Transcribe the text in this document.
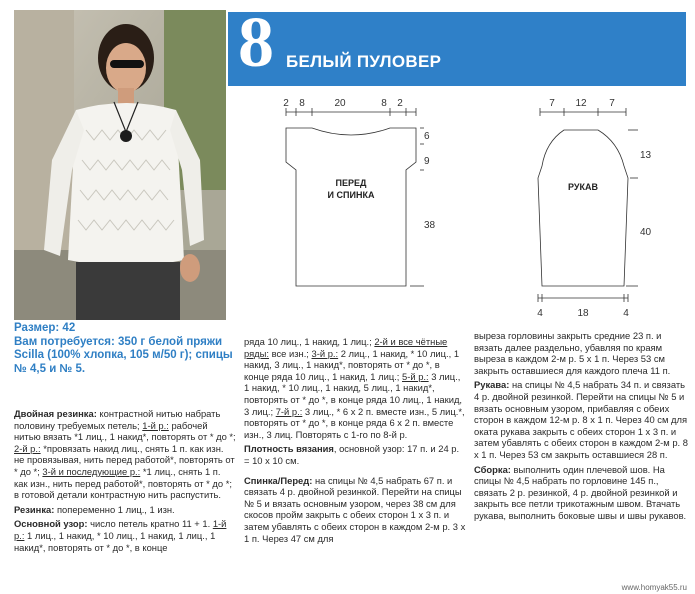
8 БЕЛЫЙ ПУЛОВЕР
2 8	20	8 2
6
9
38
ПЕРЕД
И СПИНКА
7 12 7
13
40
4	18	4
РУКАВ

Размер: 42

Вам потребуется: 350 г белой пряжи Scilla (100% хлопка, 105 м/50 г); спицы № 4,5 и № 5.

Двойная резинка: контрастной нитью набрать половину требуемых петель; 1-й р.: рабочей нитью вязать *1 лиц., 1 накид*, повторять от * до *; 2-й р.: *провязать накид лиц., снять 1 п. как изн. не провязывая, нить перед работой*, повторять от * до *; 3-й и последующие р.: *1 лиц., снять 1 п. как изн., нить перед работой*, повторять от * до *; в готовой детали контрастную нить распустить.

Резинка: попеременно 1 лиц., 1 изн.

Основной узор: число петель кратно 11 + 1. 1-й р.: 1 лиц., 1 накид, * 10 лиц., 1 накид, 1 лиц., 1 накид*, повторять от * до *, в конце

ряда 10 лиц., 1 накид, 1 лиц.; 2-й и все чётные ряды: все изн.; 3-й р.: 2 лиц., 1 накид, * 10 лиц., 1 накид, 3 лиц., 1 накид*, повторять от * до *, в конце ряда 10 лиц., 1 накид, 1 лиц.; 5-й р.: 3 лиц., 1 накид, * 10 лиц., 1 накид, 5 лиц., 1 накид*, повторять от * до *, в конце ряда 10 лиц., 1 накид, 3 лиц.; 7-й р.: 3 лиц., * 6 х 2 п. вместе изн., 5 лиц.*, повторять от * до *, в конце ряда 6 х 2 п. вместе изн., 3 лиц. Повторять с 1-го по 8-й р.

Плотность вязания, основной узор: 17 п. и 24 р. = 10 х 10 см.

Спинка/Перед: на спицы № 4,5 набрать 67 п. и связать 4 р. двойной резинкой. Перейти на спицы № 5 и вязать основным узором, через 38 см для скосов пройм закрыть с обеих сторон 1 х 3 п. и затем убавлять с обеих сторон в каждом 2-м р. 3 х 1 п. Через 47 см для

выреза горловины закрыть средние 23 п. и вязать далее раздельно, убавляя по краям выреза в каждом 2-м р. 5 х 1 п. Через 53 см закрыть оставшиеся для каждого плеча 11 п.

Рукава: на спицы № 4,5 набрать 34 п. и связать 4 р. двойной резинкой. Перейти на спицы № 5 и вязать основным узором, прибавляя с обеих сторон в каждом 12-м р. 8 х 1 п. Через 40 см для оката рукава закрыть с обеих сторон 1 х 3 п. и затем убавлять с обеих сторон в каждом 2-м р. 8 х 1 п. Через 53 см закрыть оставшиеся 28 п.

Сборка: выполнить один плечевой шов. На спицы № 4,5 набрать по горловине 145 п., связать 2 р. резинкой, 4 р. двойной резинкой и закрыть все петли трикотажным швом. Втачать рукава, выполнить боковые швы и швы рукавов.

www.homyak55.ru
